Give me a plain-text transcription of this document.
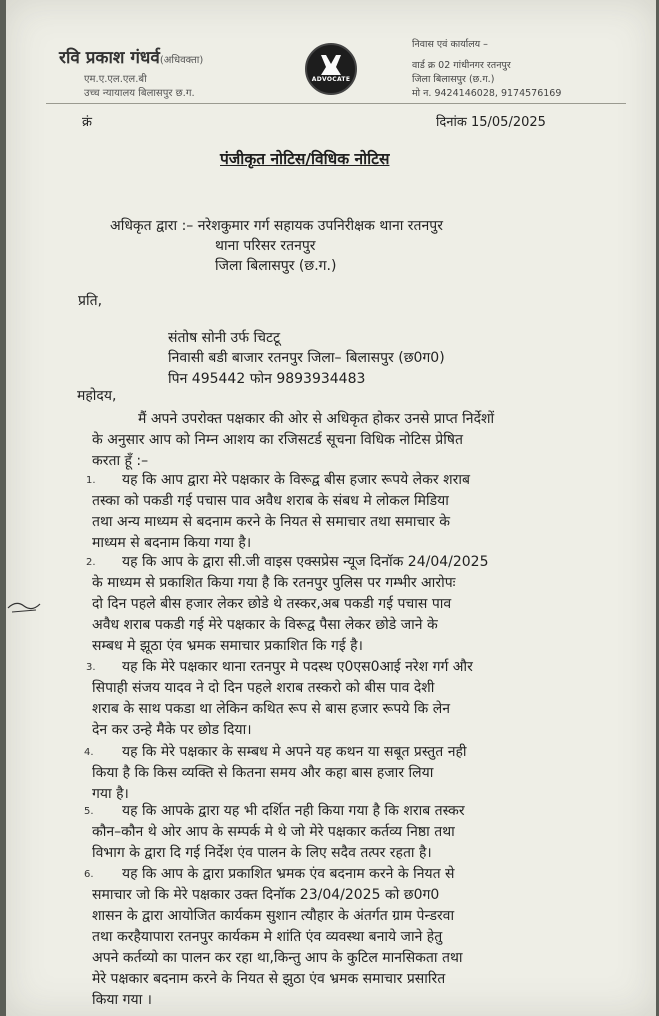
रवि प्रकाश गंधर्व(अधिवक्ता)
एम.ए.एल.एल.बी
उच्च न्यायालय बिलासपुर छ.ग.
ADVOCATE
निवास एवं कार्यालय –
वार्ड क्र 02 गांधीनगर रतनपुर
जिला बिलासपुर (छ.ग.)
मो न. 9424146028, 9174576169
क्रं	दिनांक 15/05/2025
पंजीकृत नोटिस/विधिक नोटिस
अधिकृत द्वारा :– नरेशकुमार गर्ग सहायक उपनिरीक्षक थाना रतनपुर
थाना परिसर रतनपुर
जिला बिलासपुर (छ.ग.)
प्रति,
संतोष सोनी उर्फ चिटटू
निवासी बडी बाजार रतनपुर जिला– बिलासपुर (छ0ग0)
पिन 495442 फोन 9893934483
महोदय,
मैं अपने उपरोक्त पक्षकार की ओर से अधिकृत होकर उनसे प्राप्त निर्देशों
के अनुसार आप को निम्न आशय का रजिसटर्ड सूचना विधिक नोटिस प्रेषित
करता हूँ :–
1. यह कि आप द्वारा मेरे पक्षकार के विरूद्व बीस हजार रूपये लेकर शराब
तस्का को पकडी गई पचास पाव अवैध शराब के संबध मे लोकल मिडिया
तथा अन्य माध्यम से बदनाम करने के नियत से समाचार तथा समाचार के
माध्यम से बदनाम किया गया है।
2. यह कि आप के द्वारा सी.जी वाइस एक्सप्रेस न्यूज दिनॉक 24/04/2025
के माध्यम से प्रकाशित किया गया है कि रतनपुर पुलिस पर गम्भीर आरोपः
दो दिन पहले बीस हजार लेकर छोडे थे तस्कर,अब पकडी गई पचास पाव
अवैध शराब पकडी गई मेरे पक्षकार के विरूद्व पैसा लेकर छोडे जाने के
सम्बध मे झूठा एंव भ्रमक समाचार प्रकाशित कि गई है।
3. यह कि मेरे पक्षकार थाना रतनपुर मे पदस्थ ए0एस0आई नरेश गर्ग और
सिपाही संजय यादव ने दो दिन पहले शराब तस्करो को बीस पाव देशी
शराब के साथ पकडा था लेकिन कथित रूप से बास हजार रूपये कि लेन
देन कर उन्हे मैके पर छोड दिया।
4. यह कि मेरे पक्षकार के सम्बध मे अपने यह कथन या सबूत प्रस्तुत नही
किया है कि किस व्यक्ति से कितना समय और कहा बास हजार लिया
गया है।
5. यह कि आपके द्वारा यह भी दर्शित नही किया गया है कि शराब तस्कर
कौन–कौन थे ओर आप के सम्पर्क मे थे जो मेरे पक्षकार कर्तव्य निष्ठा तथा
विभाग के द्वारा दि गई निर्देश एंव पालन के लिए सदैव तत्पर रहता है।
6. यह कि आप के द्वारा प्रकाशित भ्रमक एंव बदनाम करने के नियत से
समाचार जो कि मेरे पक्षकार उक्त दिनॉक 23/04/2025 को छ0ग0
शासन के द्वारा आयोजित कार्यकम सुशान त्यौहार के अंतर्गत ग्राम पेन्डरवा
तथा करहैयापारा रतनपुर कार्यकम मे शांति एंव व्यवस्था बनाये जाने हेतु
अपने कर्तव्यो का पालन कर रहा था,किन्तु आप के कुटिल मानसिकता तथा
मेरे पक्षकार बदनाम करने के नियत से झुठा एंव भ्रमक समाचार प्रसारित
किया गया ।
